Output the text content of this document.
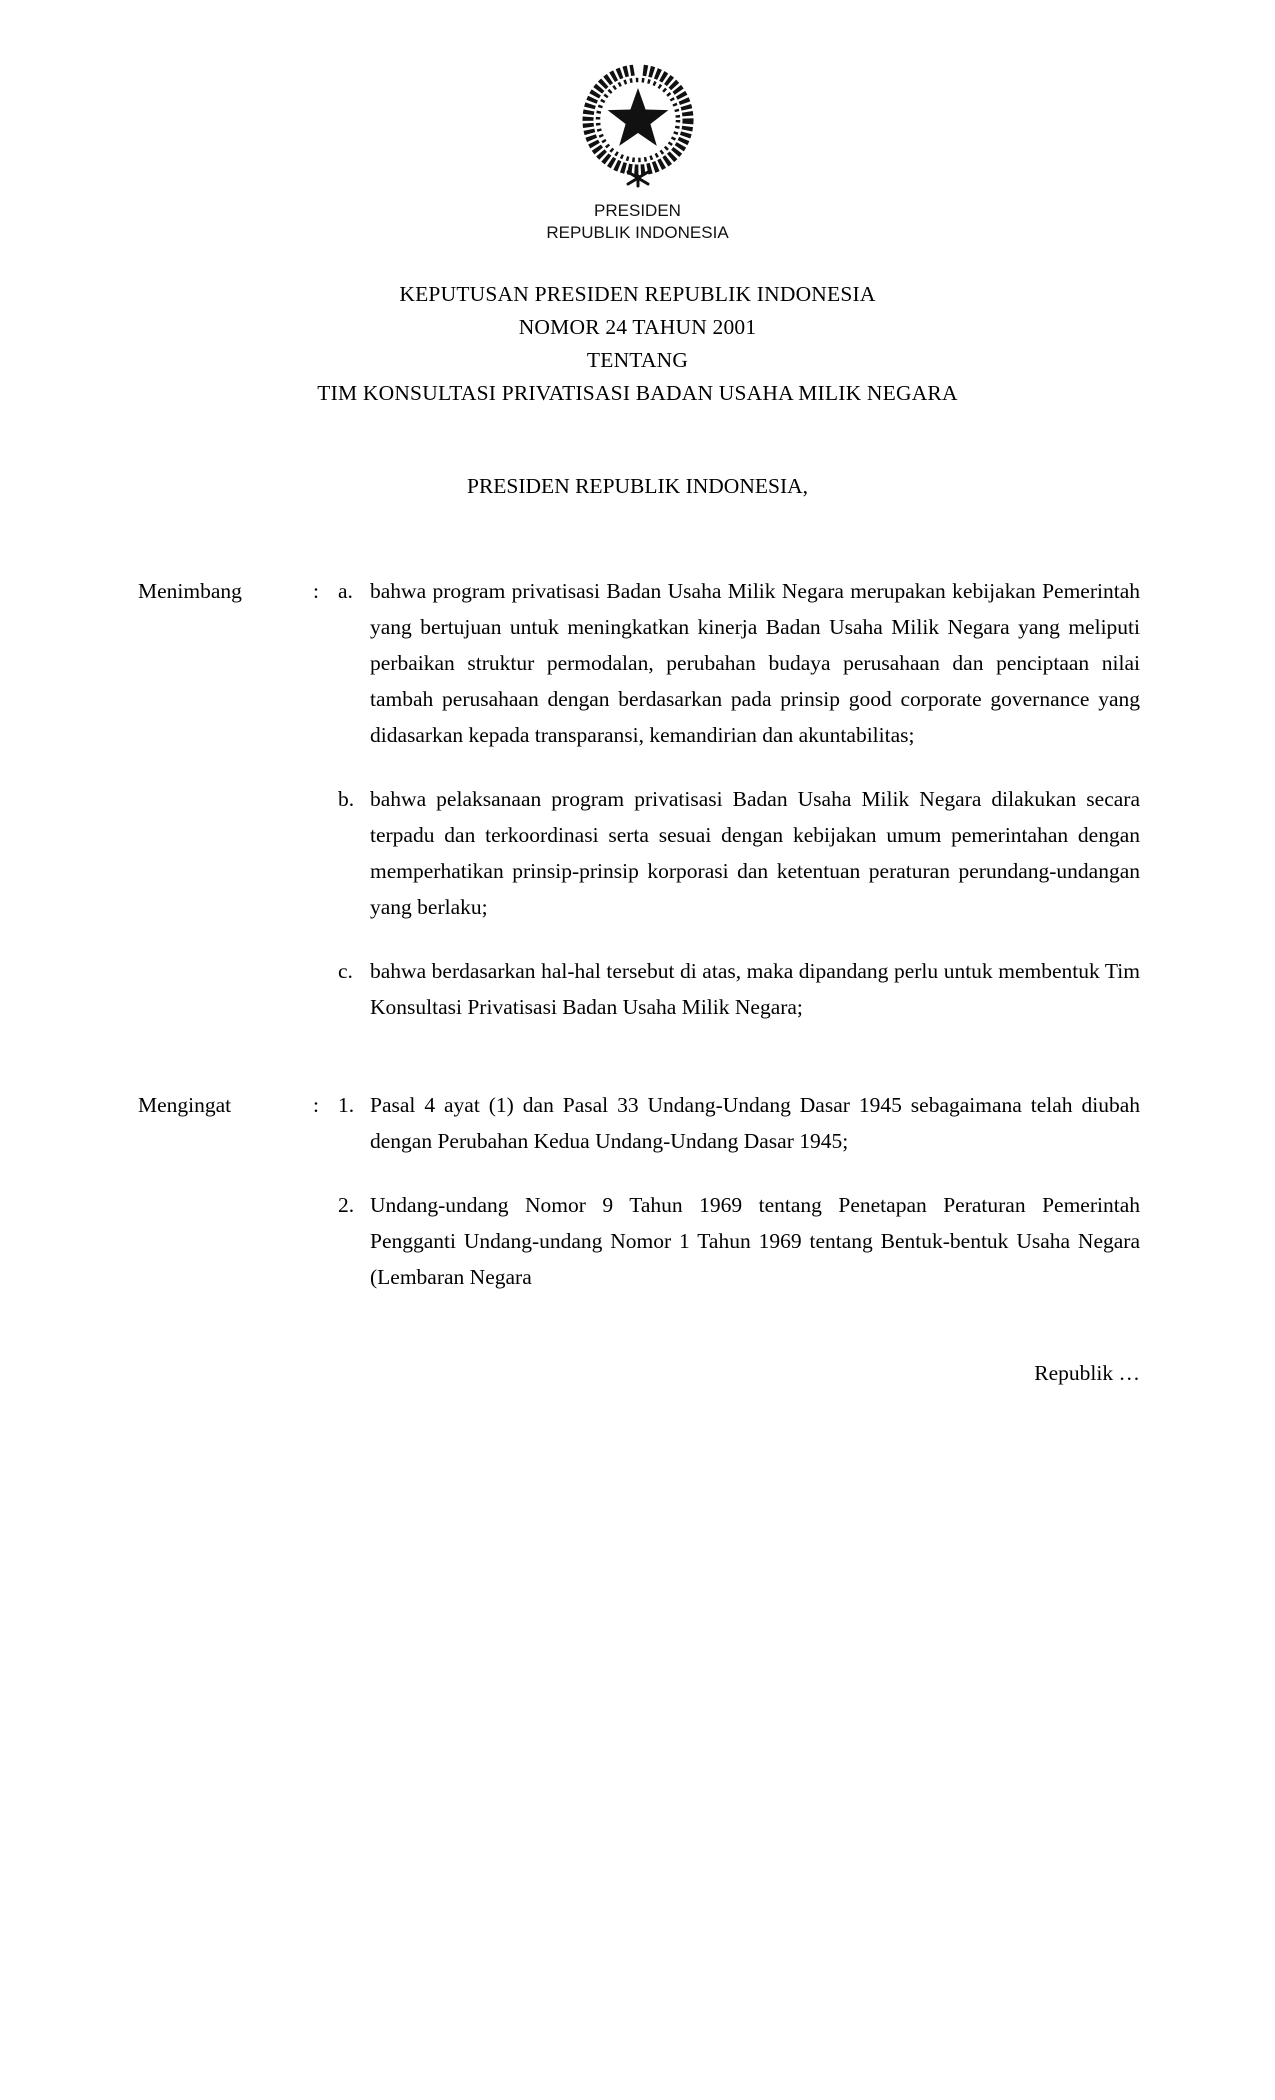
PRESIDEN
REPUBLIK INDONESIA
KEPUTUSAN PRESIDEN REPUBLIK INDONESIA
NOMOR 24 TAHUN 2001
TENTANG
TIM KONSULTASI PRIVATISASI BADAN USAHA MILIK NEGARA
PRESIDEN REPUBLIK INDONESIA,
Menimbang	: a. bahwa program privatisasi Badan Usaha Milik Negara merupakan kebijakan Pemerintah yang bertujuan untuk meningkatkan kinerja Badan Usaha Milik Negara yang meliputi perbaikan struktur permodalan, perubahan budaya perusahaan dan penciptaan nilai tambah perusahaan dengan berdasarkan pada prinsip good corporate governance yang didasarkan kepada transparansi, kemandirian dan akuntabilitas;
b. bahwa pelaksanaan program privatisasi Badan Usaha Milik Negara dilakukan secara terpadu dan terkoordinasi serta sesuai dengan kebijakan umum pemerintahan dengan memperhatikan prinsip-prinsip korporasi dan ketentuan peraturan perundang-undangan yang berlaku;
c. bahwa berdasarkan hal-hal tersebut di atas, maka dipandang perlu untuk membentuk Tim Konsultasi Privatisasi Badan Usaha Milik Negara;
Mengingat	: 1. Pasal 4 ayat (1) dan Pasal 33 Undang-Undang Dasar 1945 sebagaimana telah diubah dengan Perubahan Kedua Undang-Undang Dasar 1945;
2. Undang-undang Nomor 9 Tahun 1969 tentang Penetapan Peraturan Pemerintah Pengganti Undang-undang Nomor 1 Tahun 1969 tentang Bentuk-bentuk Usaha Negara (Lembaran Negara
Republik …
